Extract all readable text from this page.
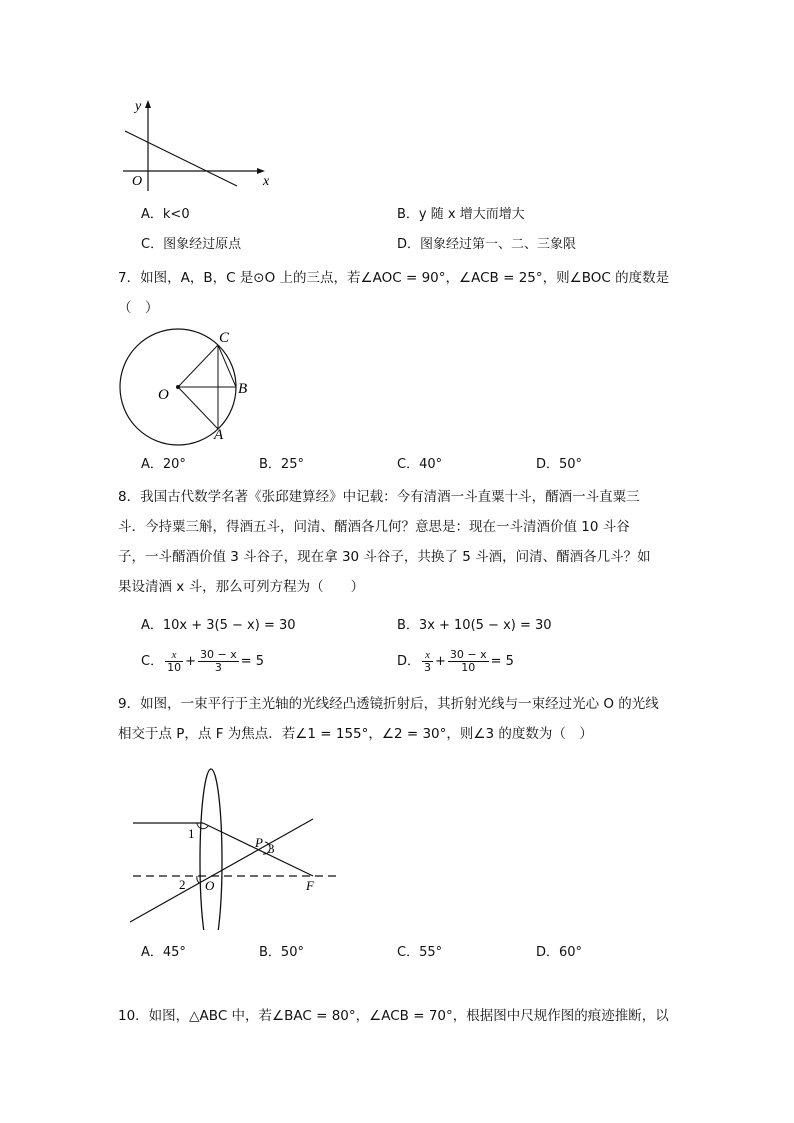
y
x
O
A．k<0	B．y 随 x 增大而增大
C．图象经过原点	D．图象经过第一、二、三象限
7．如图，A，B，C 是⊙O 上的三点，若∠AOC = 90°，∠ACB = 25°，则∠BOC 的度数是
（　）
C
O	B
A
A．20°	B．25°	C．40°	D．50°
8．我国古代数学名著《张邱建算经》中记载：今有清酒一斗直粟十斗，醑酒一斗直粟三
斗．今持粟三斛，得酒五斗，问清、醑酒各几何？意思是：现在一斗清酒价值 10 斗谷
子，一斗醑酒价值 3 斗谷子，现在拿 30 斗谷子，共换了 5 斗酒，问清、醑酒各几斗？如
果设清酒 x 斗，那么可列方程为（　　）
A．10x + 3(5 − x) = 30	B．3x + 10(5 − x) = 30
C． $\frac{x}{10} + \frac{30 - x}{3} = 5$	D． $\frac{x}{3} + \frac{30 - x}{10} = 5$
9．如图，一束平行于主光轴的光线经凸透镜折射后，其折射光线与一束经过光心 O 的光线
相交于点 P，点 F 为焦点．若∠1 = 155°，∠2 = 30°，则∠3 的度数为（　）
1
2
3
P
O	F
A．45°	B．50°	C．55°	D．60°
10．如图，△ABC 中，若∠BAC = 80°，∠ACB = 70°，根据图中尺规作图的痕迹推断，以
